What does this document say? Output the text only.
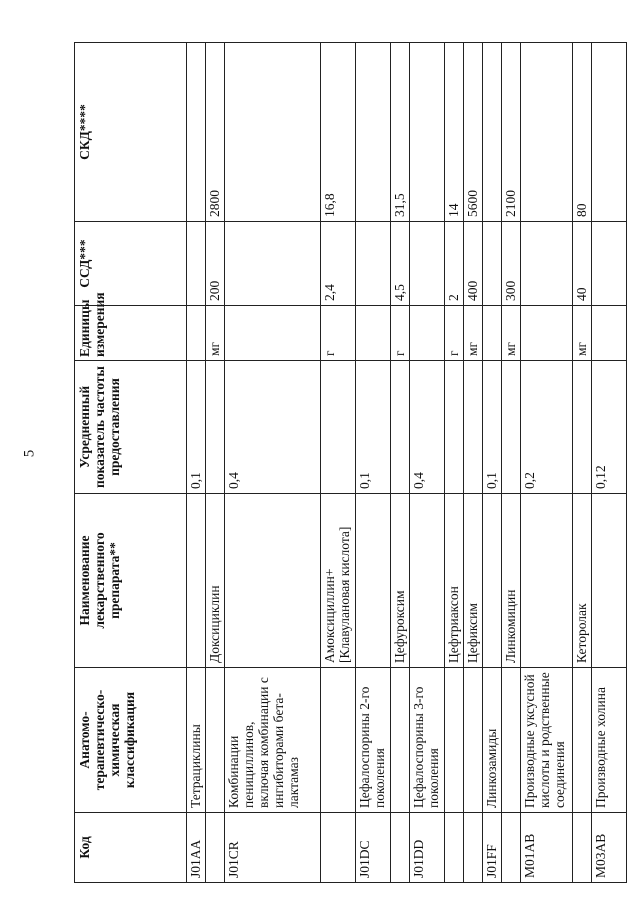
5
Код	Анатомо-терапевтическо-химическая классификация	Наименование лекарственного препарата**	Усредненный показатель частоты предоставления	Единицы измерения	ССД***	СКД****
J01AA	Тетрациклины		0,1			
		Доксициклин		мг	200	2800
J01CR	Комбинации пенициллинов, включая комбинации с ингибиторами бета-лактамаз		0,4			
		Амоксициллин+ [Клавулановая кислота]		г	2,4	16,8
J01DC	Цефалоспорины 2-го поколения		0,1			
		Цефуроксим		г	4,5	31,5
J01DD	Цефалоспорины 3-го поколения		0,4			
		Цефтриаксон		г	2	14
		Цефиксим		мг	400	5600
J01FF	Линкозамиды		0,1			
		Линкомицин		мг	300	2100
M01AB	Производные уксусной кислоты и родственные соединения		0,2			
		Кеторолак		мг	40	80
M03AB	Производные холина		0,12			
